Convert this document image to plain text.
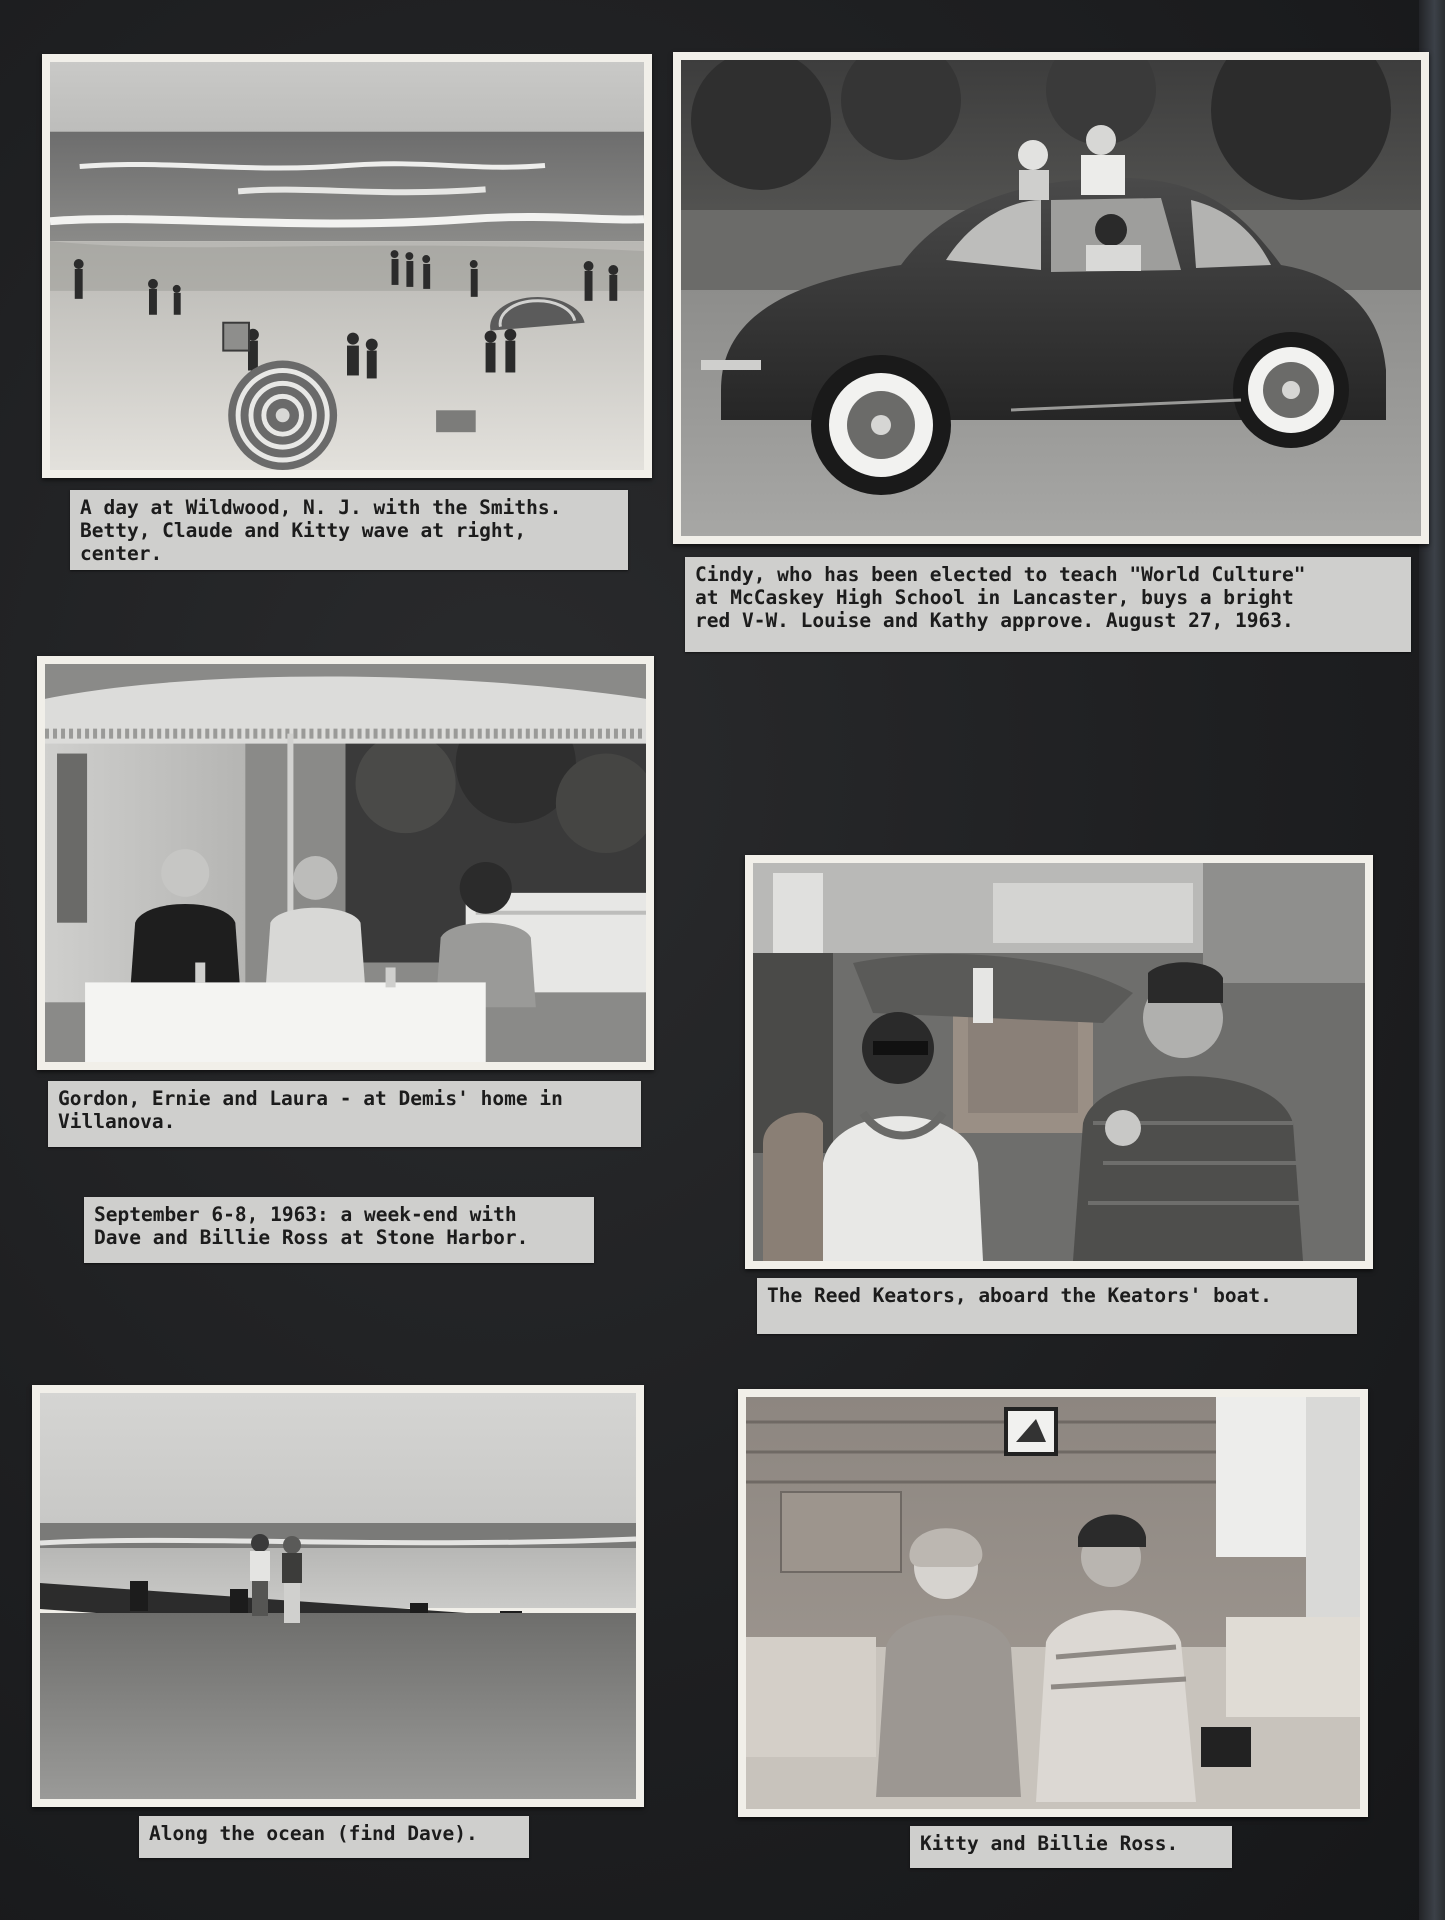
A day at Wildwood, N. J. with the Smiths.
Betty, Claude and Kitty wave at right,
center.
Cindy, who has been elected to teach "World Culture"
at McCaskey High School in Lancaster, buys a bright
red V-W. Louise and Kathy approve. August 27, 1963.
Gordon, Ernie and Laura - at Demis' home in
Villanova.
September 6-8, 1963: a week-end with
Dave and Billie Ross at Stone Harbor.
The Reed Keators, aboard the Keators' boat.
Along the ocean (find Dave).	Kitty and Billie Ross.
